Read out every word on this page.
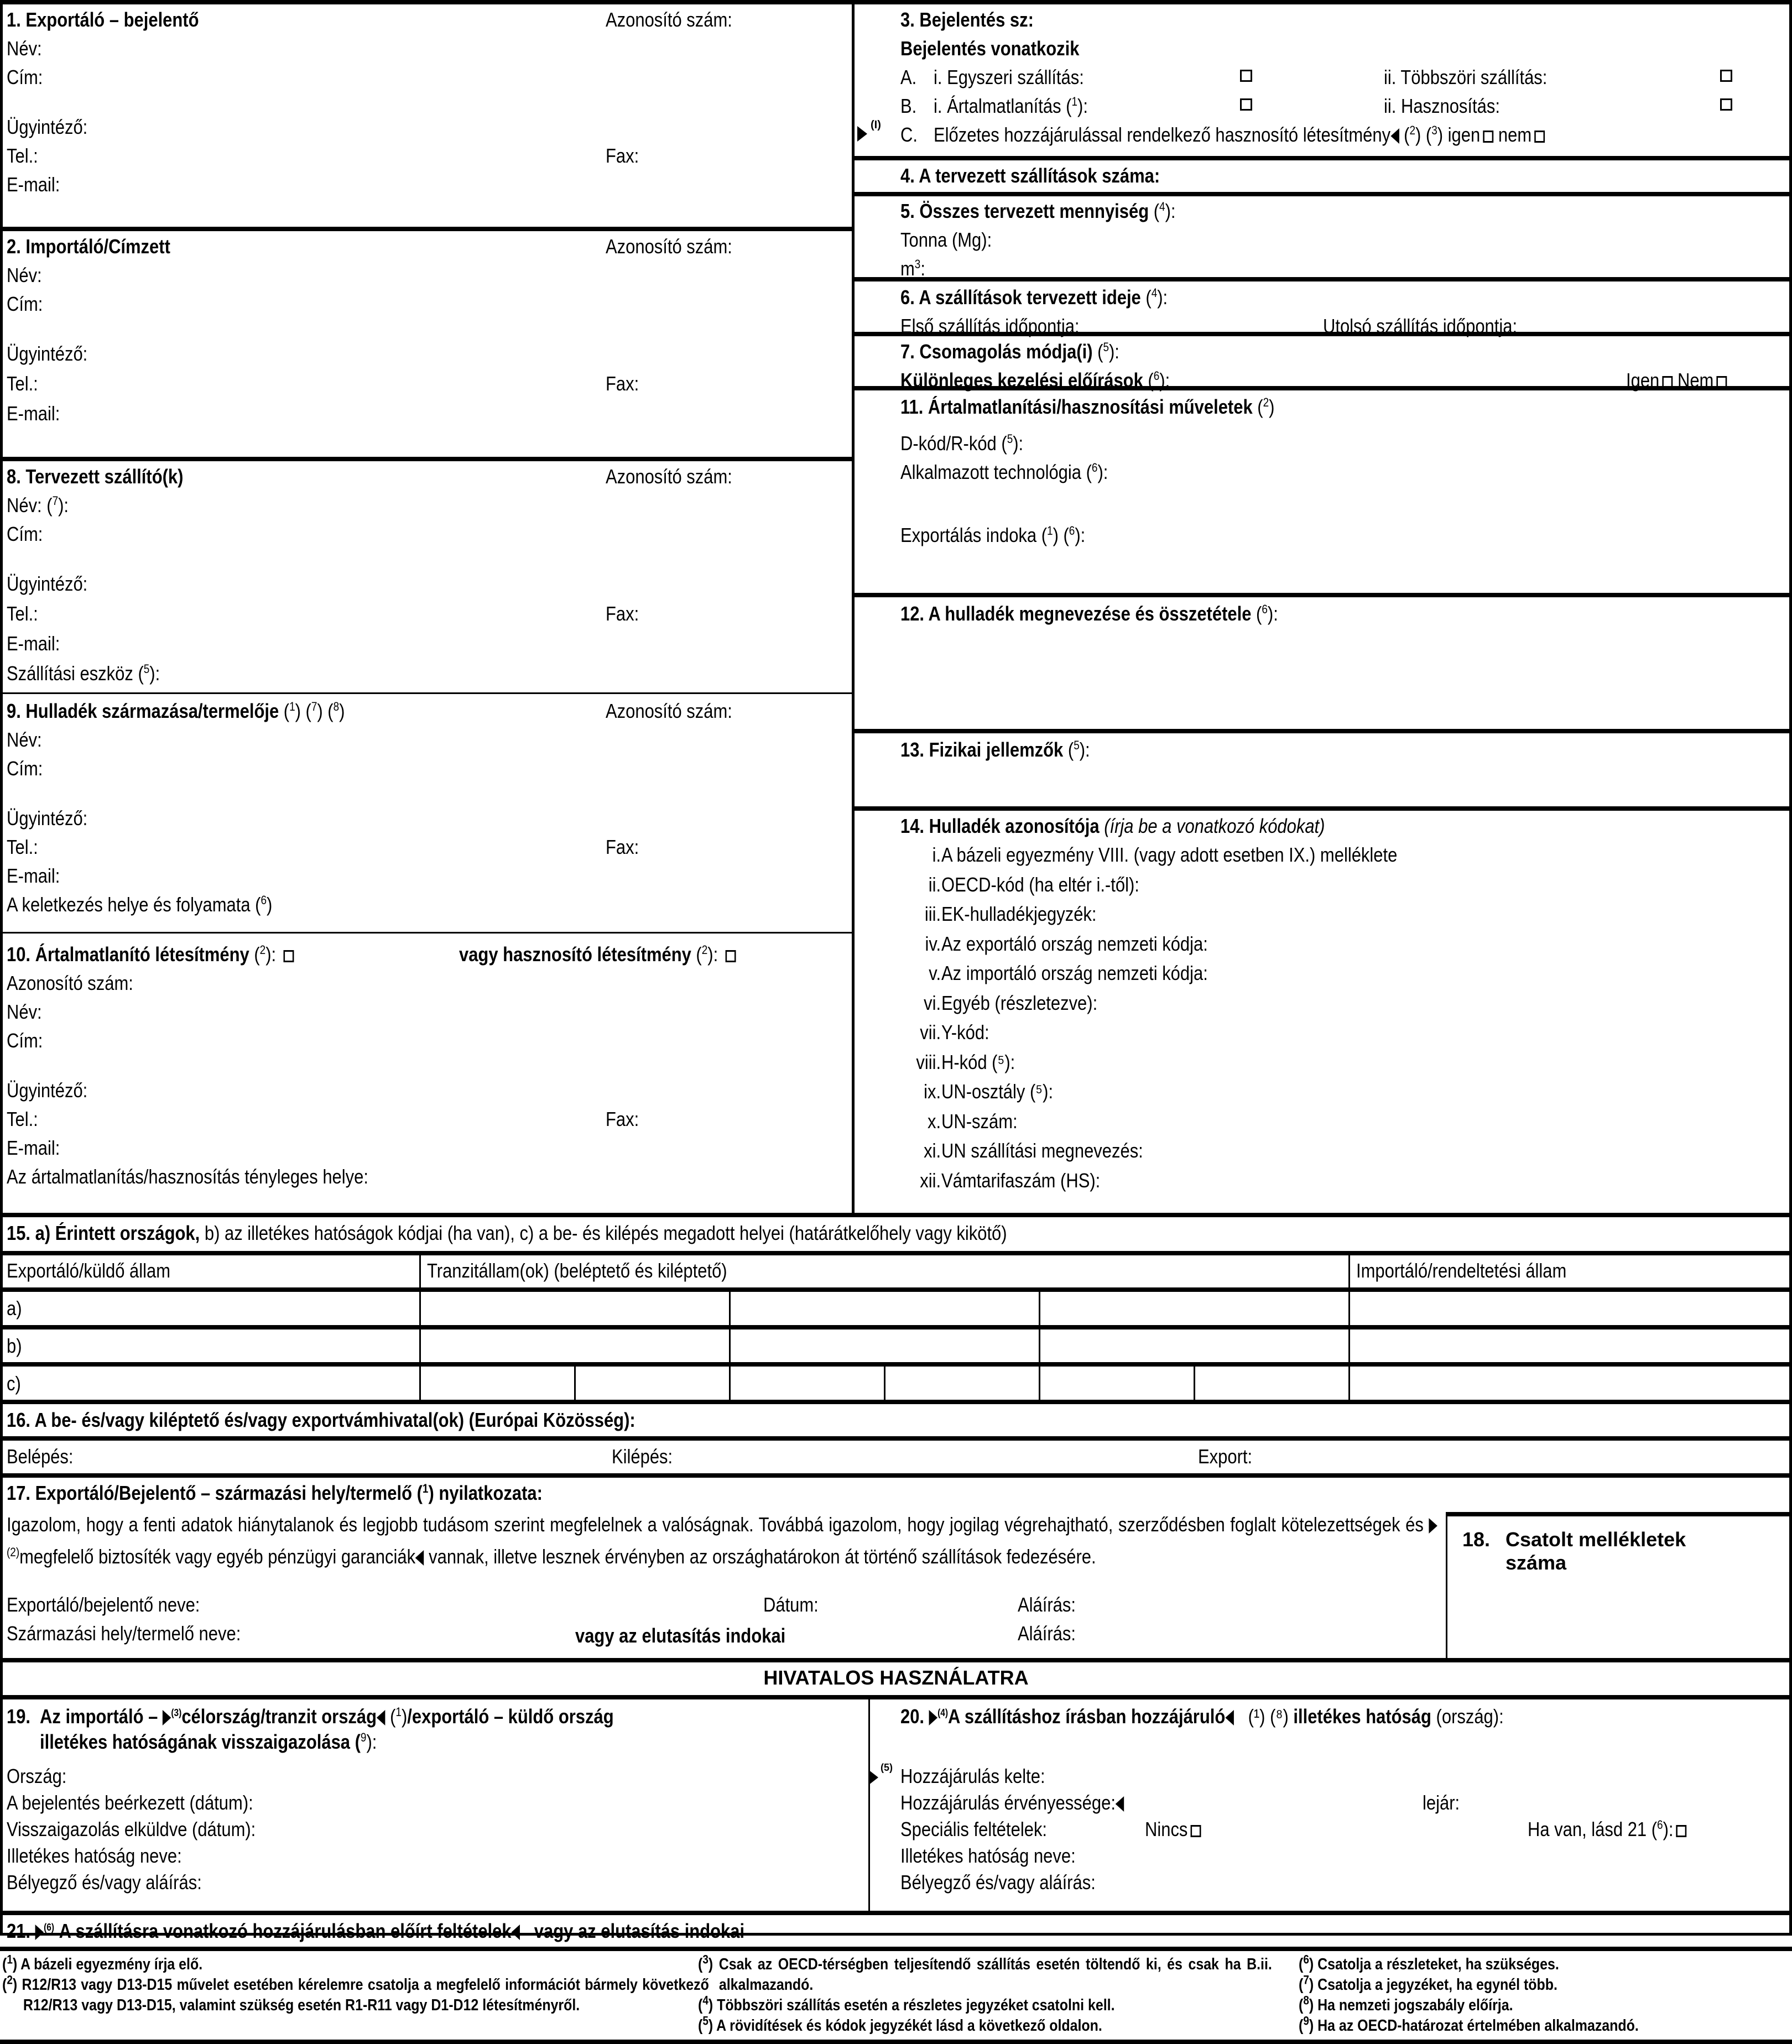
1. Exportáló – bejelentő	Azonosító szám:
Név:
Cím:
Ügyintéző:
Tel.:	Fax:
E-mail:
2. Importáló/Címzett	Azonosító szám:
Név:
Cím:
Ügyintéző:
Tel.:	Fax:
E-mail:
8. Tervezett szállító(k)	Azonosító szám:
Név: ($^7$):
Cím:
Ügyintéző:
Tel.:	Fax:
E-mail:
Szállítási eszköz ($^5$):
9. Hulladék származása/termelője ($^1$) ($^7$) ($^8$)	Azonosító szám:
Név:
Cím:
Ügyintéző:
Tel.:	Fax:
E-mail:
A keletkezés helye és folyamata ($^6$)
10. Ártalmatlanító létesítmény ($^2$):	vagy hasznosító létesítmény ($^2$):
Azonosító szám:
Név:
Cím:
Ügyintéző:
Tel.:	Fax:
E-mail:
Az ártalmatlanítás/hasznosítás tényleges helye:
3. Bejelentés sz:
Bejelentés vonatkozik
A. i. Egyszeri szállítás:	ii. Többszöri szállítás:
B. i. Ártalmatlanítás ($^1$):	ii. Hasznosítás:
(I) C. Előzetes hozzájárulással rendelkező hasznosító létesítmény ($^2$) ($^3$) igen nem
4. A tervezett szállítások száma:
5. Összes tervezett mennyiség ($^4$):
Tonna (Mg):
$m^3$:
6. A szállítások tervezett ideje ($^4$):
Első szállítás időpontja:	Utolsó szállítás időpontja:
7. Csomagolás módja(i) ($^5$):
Különleges kezelési előírások ($^6$):	Igen Nem
11. Ártalmatlanítási/hasznosítási műveletek ($^2$)
D-kód/R-kód ($^5$):
Alkalmazott technológia ($^6$):
Exportálás indoka ($^1$) ($^6$):
12. A hulladék megnevezése és összetétele ($^6$):
13. Fizikai jellemzők ($^5$):
14. Hulladék azonosítója (írja be a vonatkozó kódokat)
i. A bázeli egyezmény VIII. (vagy adott esetben IX.) melléklete
ii. OECD-kód (ha eltér i.-től):
iii. EK-hulladékjegyzék:
iv. Az exportáló ország nemzeti kódja:
v. Az importáló ország nemzeti kódja:
vi. Egyéb (részletezve):
vii. Y-kód:
viii. H-kód (⁵):
ix. UN-osztály (⁵):
x. UN-szám:
xi. UN szállítási megnevezés:
xii. Vámtarifaszám (HS):
15. a) Érintett országok, b) az illetékes hatóságok kódjai (ha van), c) a be- és kilépés megadott helyei (határátkelőhely vagy kikötő)
Exportáló/küldő állam	Tranzitállam(ok) (beléptető és kiléptető)	Importáló/rendeltetési állam
a)
b)
c)
16. A be- és/vagy kiléptető és/vagy exportvámhivatal(ok) (Európai Közösség):
Belépés:	Kilépés:	Export:
17. Exportáló/Bejelentő – származási hely/termelő ($^1$) nyilatkozata:
Igazolom, hogy a fenti adatok hiánytalanok és legjobb tudásom szerint megfelelnek a valóságnak. Továbbá igazolom, hogy jogilag végrehajtható, szerződésben foglalt kötelezettségek és $^{(2)}$megfelelő biztosíték vagy egyéb pénzügyi garanciák vannak, illetve lesznek érvényben az országhatárokon át történő szállítások fedezésére.
Exportáló/bejelentő neve:	Dátum:	Aláírás:
Származási hely/termelő neve:	vagy az elutasítás indokai	Aláírás:
18. Csatolt mellékletek
száma
HIVATALOS HASZNÁLATRA
19. Az importáló – $^{(3)}$célország/tranzit ország ($^1$)/exportáló – küldő ország
illetékes hatóságának visszaigazolása ($^9$):
Ország:
A bejelentés beérkezett (dátum):
Visszaigazolás elküldve (dátum):
Illetékes hatóság neve:
Bélyegző és/vagy aláírás:
20. $^{(4)}$A szállításhoz írásban hozzájáruló (¹) (⁸) illetékes hatóság (ország):
(5) Hozzájárulás kelte:
Hozzájárulás érvényessége:	lejár:
Speciális feltételek:	Nincs	Ha van, lásd 21 ($^6$):
Illetékes hatóság neve:
Bélyegző és/vagy aláírás:
21. $^{(6)}$ A szállításra vonatkozó hozzájárulásban előírt feltételek vagy az elutasítás indokai
($^1$) A bázeli egyezmény írja elő.
($^2$) R12/R13 vagy D13-D15 művelet esetében kérelemre csatolja a megfelelő információt bármely következő R12/R13 vagy D13-D15, valamint szükség esetén R1-R11 vagy D1-D12 létesítményről.
($^3$) Csak az OECD-térségben teljesítendő szállítás esetén töltendő ki, és csak ha B.ii. alkalmazandó.
($^4$) Többszöri szállítás esetén a részletes jegyzéket csatolni kell.
($^5$) A rövidítések és kódok jegyzékét lásd a következő oldalon.
($^6$) Csatolja a részleteket, ha szükséges.
($^7$) Csatolja a jegyzéket, ha egynél több.
($^8$) Ha nemzeti jogszabály előírja.
($^9$) Ha az OECD-határozat értelmében alkalmazandó.
